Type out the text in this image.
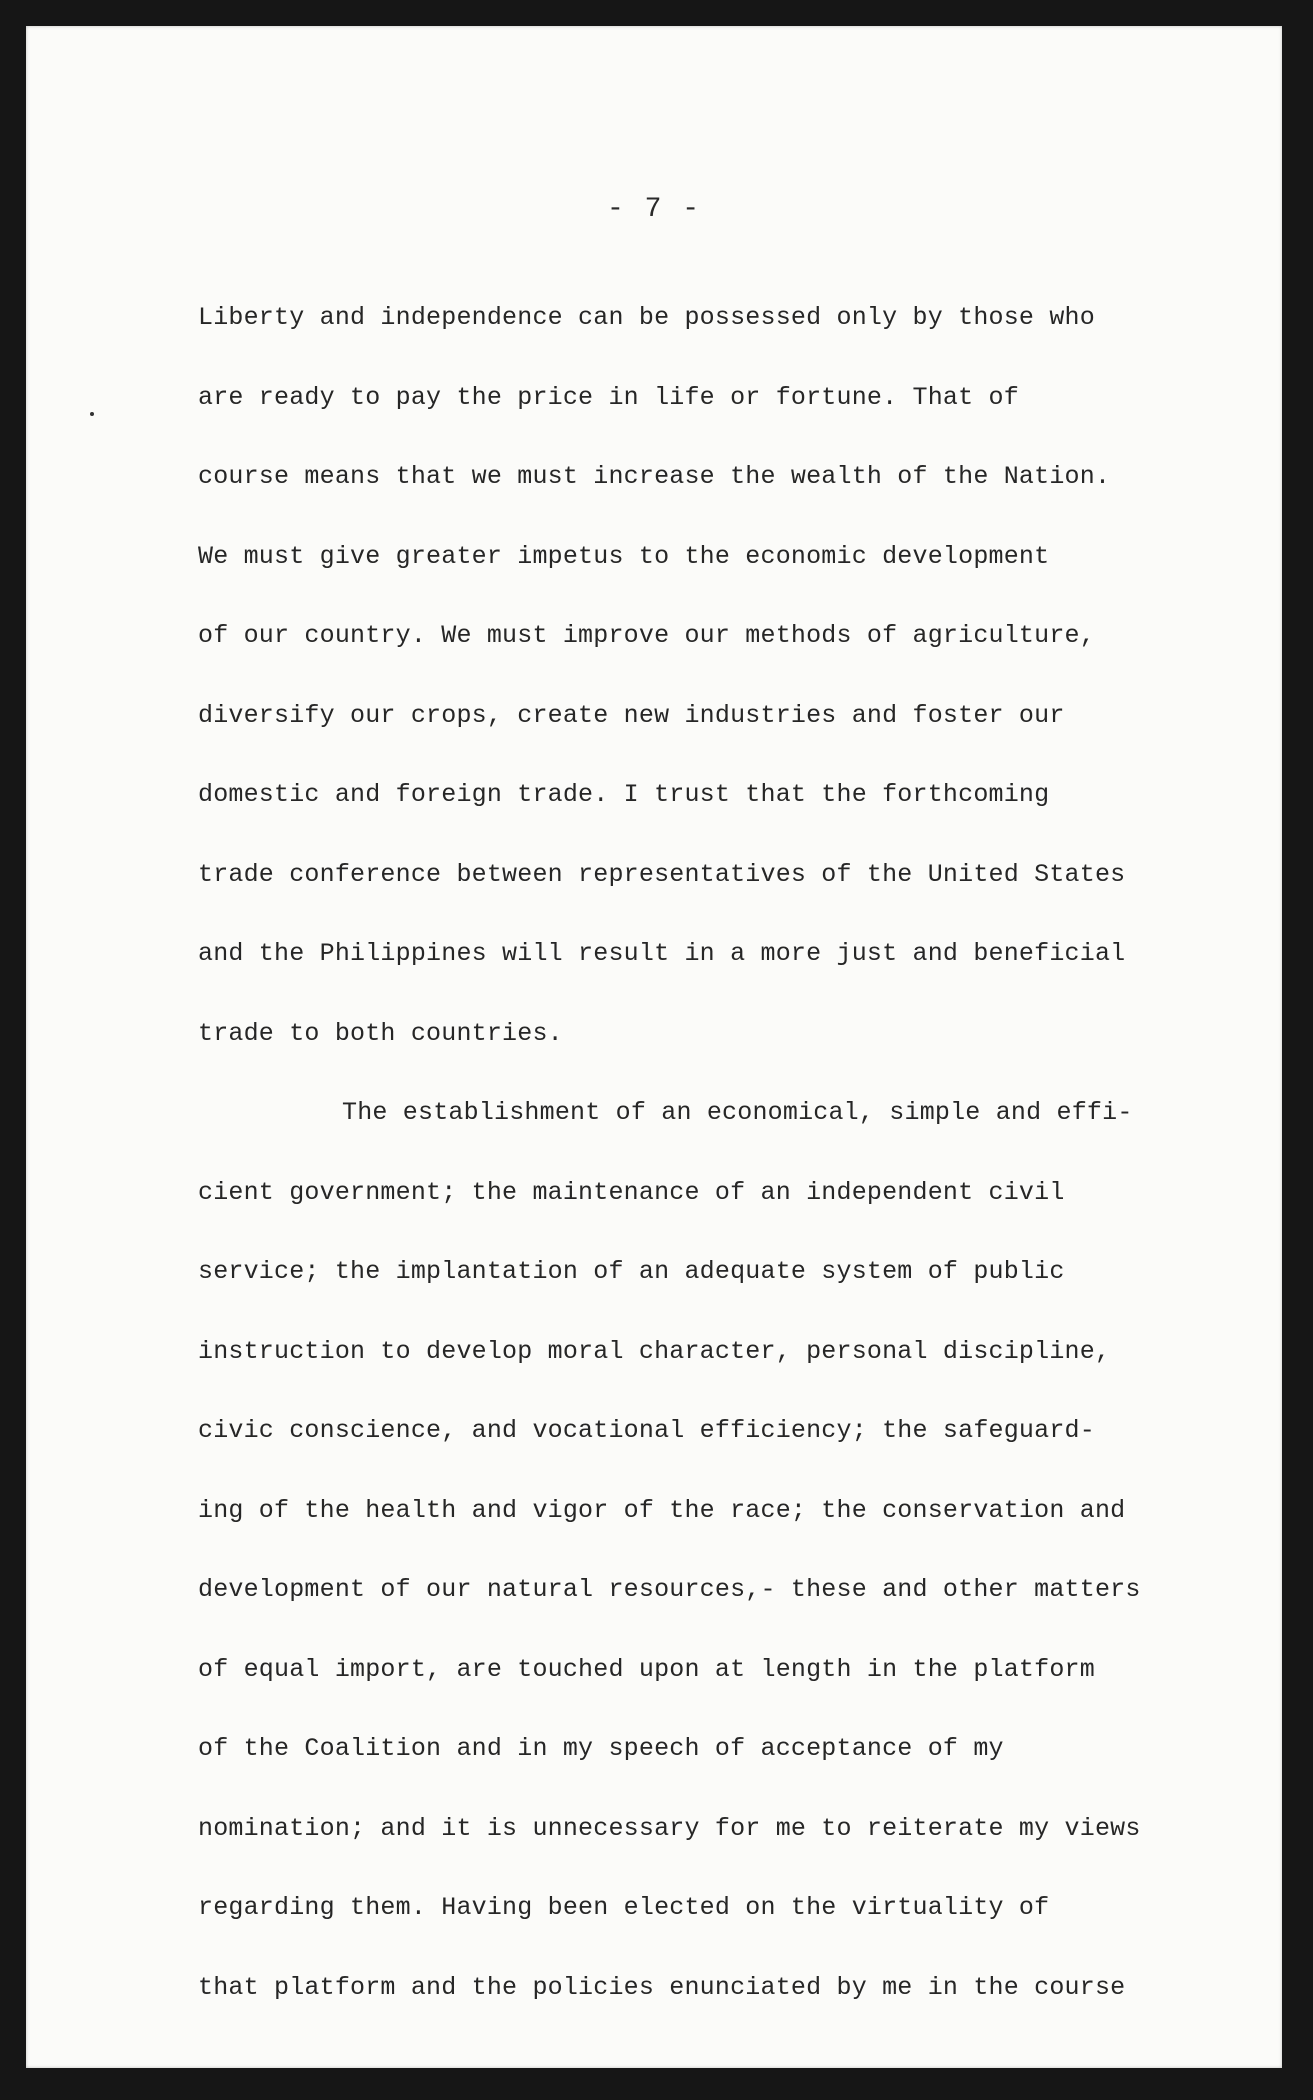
- 7 -
Liberty and independence can be possessed only by those who
are ready to pay the price in life or fortune. That of
course means that we must increase the wealth of the Nation.
We must give greater impetus to the economic development
of our country. We must improve our methods of agriculture,
diversify our crops, create new industries and foster our
domestic and foreign trade. I trust that the forthcoming
trade conference between representatives of the United States
and the Philippines will result in a more just and beneficial
trade to both countries.
The establishment of an economical, simple and effi-
cient government; the maintenance of an independent civil
service; the implantation of an adequate system of public
instruction to develop moral character, personal discipline,
civic conscience, and vocational efficiency; the safeguard-
ing of the health and vigor of the race; the conservation and
development of our natural resources,- these and other matters
of equal import, are touched upon at length in the platform
of the Coalition and in my speech of acceptance of my
nomination; and it is unnecessary for me to reiterate my views
regarding them. Having been elected on the virtuality of
that platform and the policies enunciated by me in the course
